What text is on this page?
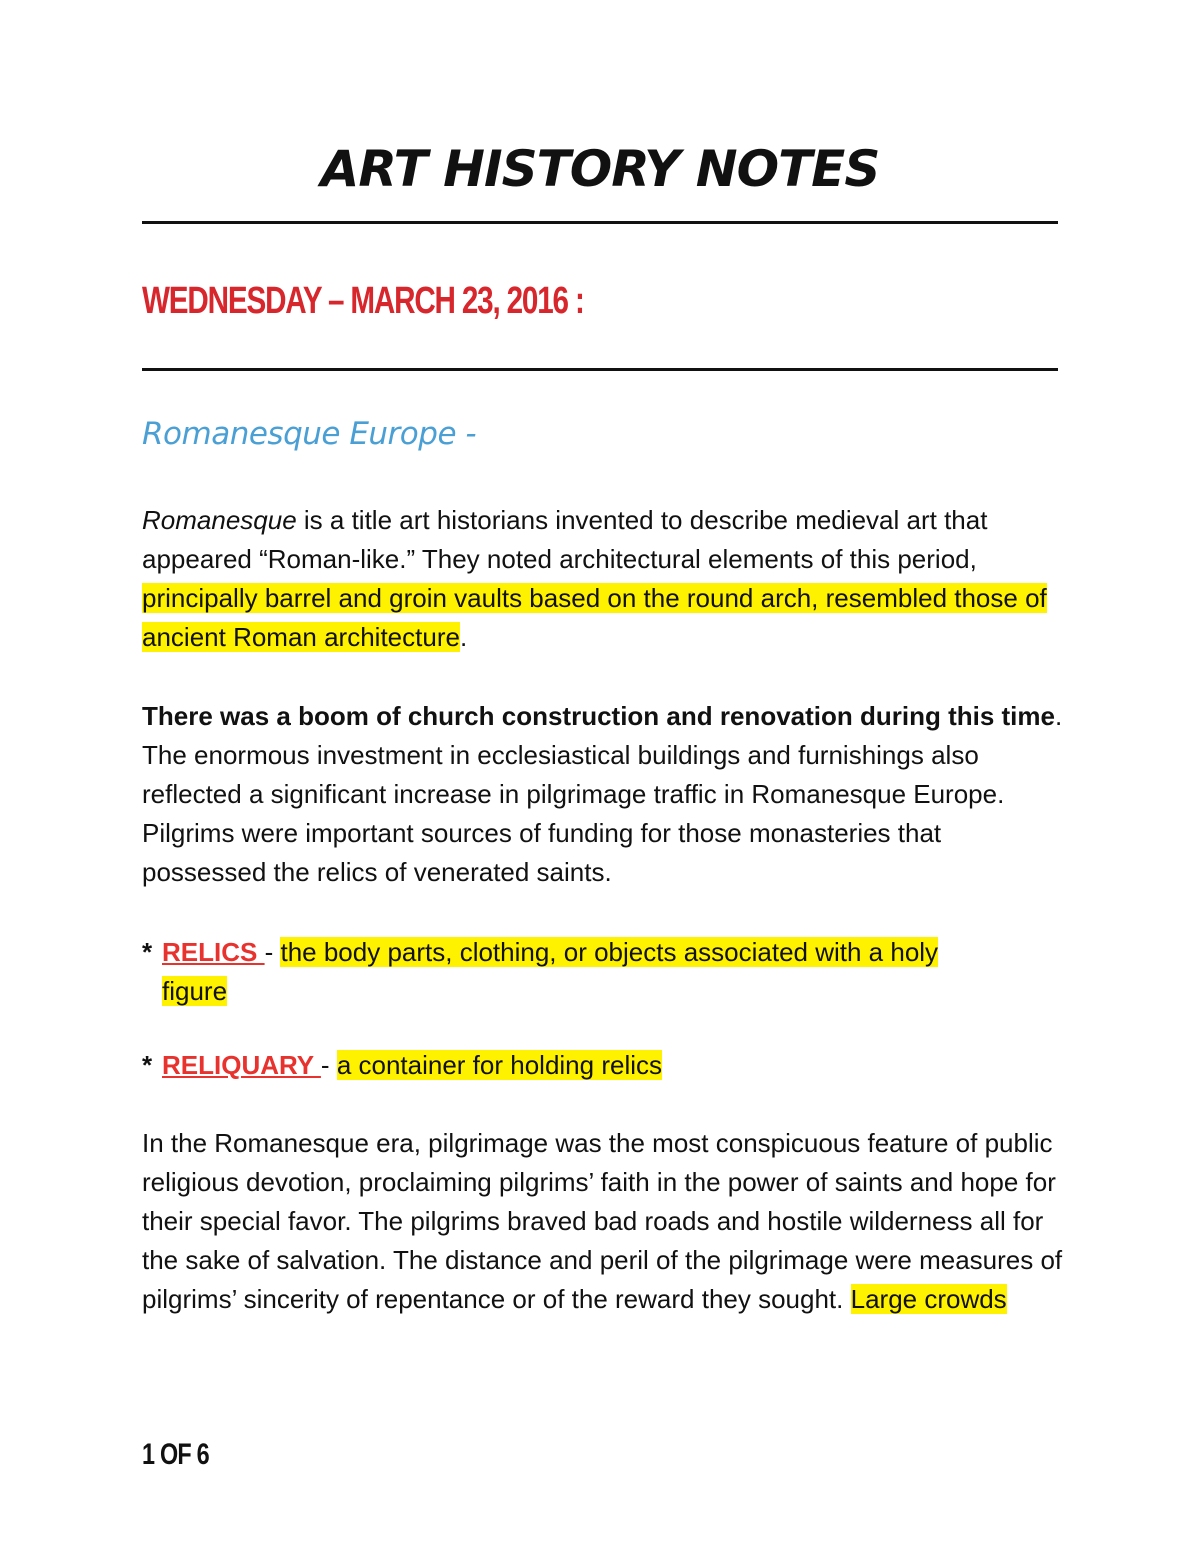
ART HISTORY NOTES
WEDNESDAY – MARCH 23, 2016 :
Romanesque Europe -

Romanesque is a title art historians invented to describe medieval art that appeared “Roman-like.” They noted architectural elements of this period, principally barrel and groin vaults based on the round arch, resembled those of ancient Roman architecture.

There was a boom of church construction and renovation during this time. The enormous investment in ecclesiastical buildings and furnishings also reflected a significant increase in pilgrimage traffic in Romanesque Europe. Pilgrims were important sources of funding for those monasteries that possessed the relics of venerated saints.

* RELICS - the body parts, clothing, or objects associated with a holy
figure
* RELIQUARY - a container for holding relics

In the Romanesque era, pilgrimage was the most conspicuous feature of public religious devotion, proclaiming pilgrims’ faith in the power of saints and hope for their special favor. The pilgrims braved bad roads and hostile wilderness all for the sake of salvation. The distance and peril of the pilgrimage were measures of pilgrims’ sincerity of repentance or of the reward they sought. Large crowds

1 OF 6
